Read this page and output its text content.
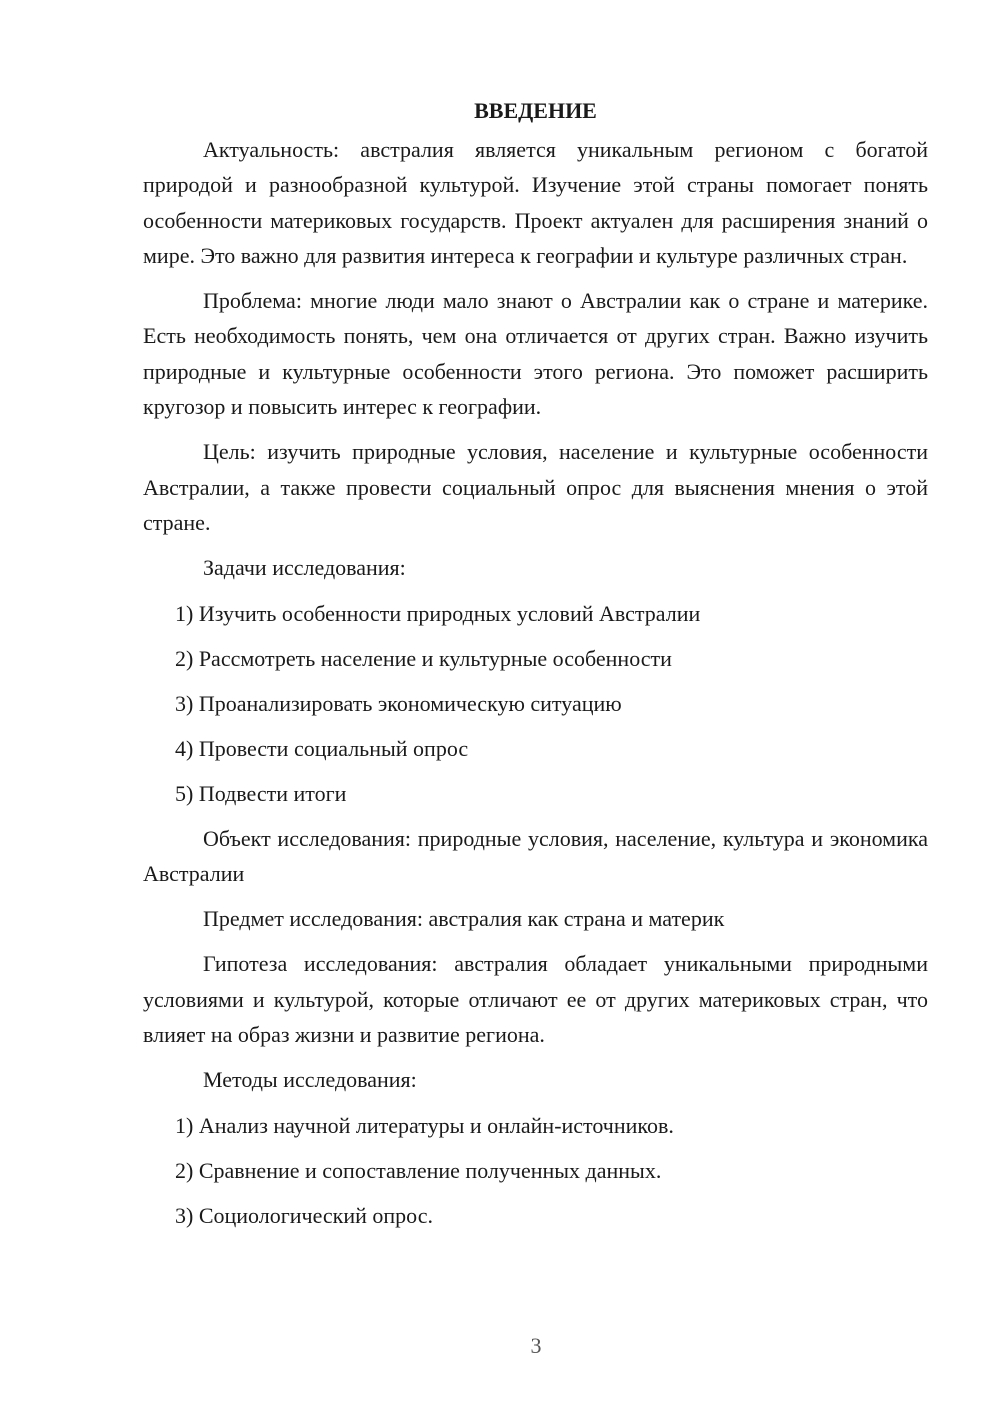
ВВЕДЕНИЕ

Актуальность: австралия является уникальным регионом с богатой природой и разнообразной культурой. Изучение этой страны помогает понять особенности материковых государств. Проект актуален для расширения знаний о мире. Это важно для развития интереса к географии и культуре различных стран.

Проблема: многие люди мало знают о Австралии как о стране и материке. Есть необходимость понять, чем она отличается от других стран. Важно изучить природные и культурные особенности этого региона. Это поможет расширить кругозор и повысить интерес к географии.

Цель: изучить природные условия, население и культурные особенности Австралии, а также провести социальный опрос для выяснения мнения о этой стране.

Задачи исследования:

1) Изучить особенности природных условий Австралии

2) Рассмотреть население и культурные особенности

3) Проанализировать экономическую ситуацию

4) Провести социальный опрос

5) Подвести итоги

Объект исследования: природные условия, население, культура и экономика Австралии

Предмет исследования: австралия как страна и материк

Гипотеза исследования: австралия обладает уникальными природными условиями и культурой, которые отличают ее от других материковых стран, что влияет на образ жизни и развитие региона.

Методы исследования:

1) Анализ научной литературы и онлайн-источников.

2) Сравнение и сопоставление полученных данных.

3) Социологический опрос.

3
